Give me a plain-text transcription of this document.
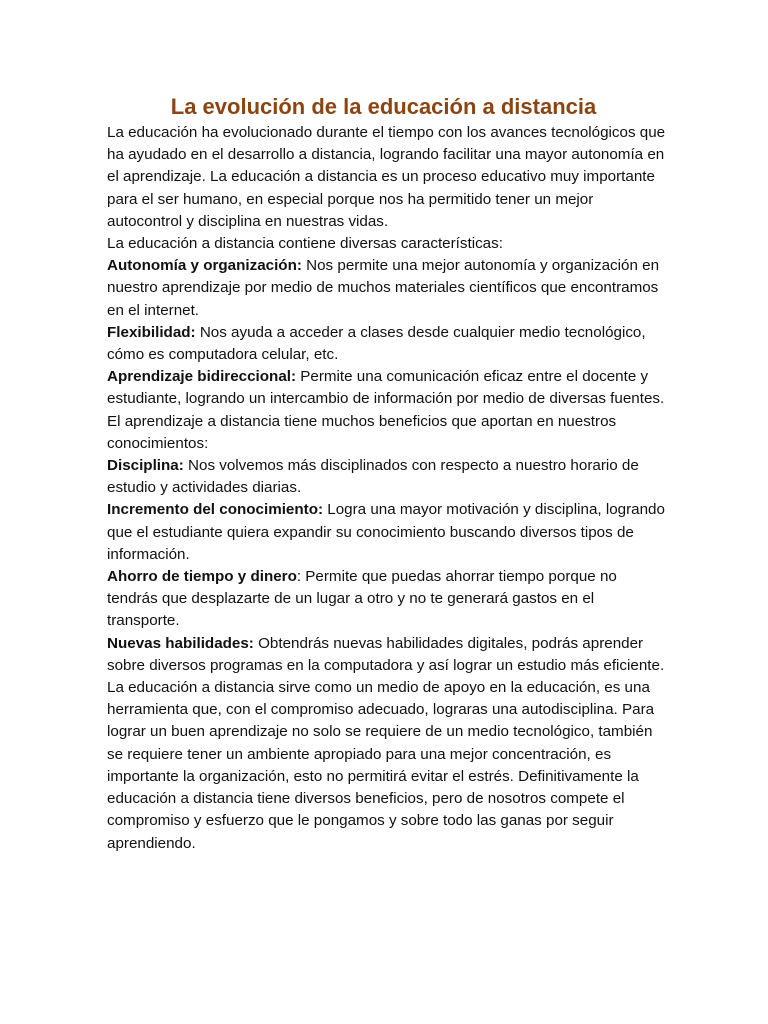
La evolución de la educación a distancia

La educación ha evolucionado durante el tiempo con los avances tecnológicos que ha ayudado en el desarrollo a distancia, logrando facilitar una mayor autonomía en el aprendizaje. La educación a distancia es un proceso educativo muy importante para el ser humano, en especial porque nos ha permitido tener un mejor autocontrol y disciplina en nuestras vidas.

La educación a distancia contiene diversas características:

Autonomía y organización: Nos permite una mejor autonomía y organización en nuestro aprendizaje por medio de muchos materiales científicos que encontramos en el internet.

Flexibilidad: Nos ayuda a acceder a clases desde cualquier medio tecnológico, cómo es computadora celular, etc.

Aprendizaje bidireccional: Permite una comunicación eficaz entre el docente y estudiante, logrando un intercambio de información por medio de diversas fuentes.

El aprendizaje a distancia tiene muchos beneficios que aportan en nuestros conocimientos:

Disciplina: Nos volvemos más disciplinados con respecto a nuestro horario de estudio y actividades diarias.

Incremento del conocimiento: Logra una mayor motivación y disciplina, logrando que el estudiante quiera expandir su conocimiento buscando diversos tipos de información.

Ahorro de tiempo y dinero: Permite que puedas ahorrar tiempo porque no tendrás que desplazarte de un lugar a otro y no te generará gastos en el transporte.

Nuevas habilidades: Obtendrás nuevas habilidades digitales, podrás aprender sobre diversos programas en la computadora y así lograr un estudio más eficiente.

La educación a distancia sirve como un medio de apoyo en la educación, es una herramienta que, con el compromiso adecuado, lograras una autodisciplina. Para lograr un buen aprendizaje no solo se requiere de un medio tecnológico, también se requiere tener un ambiente apropiado para una mejor concentración, es importante la organización, esto no permitirá evitar el estrés. Definitivamente la educación a distancia tiene diversos beneficios, pero de nosotros compete el compromiso y esfuerzo que le pongamos y sobre todo las ganas por seguir aprendiendo.
